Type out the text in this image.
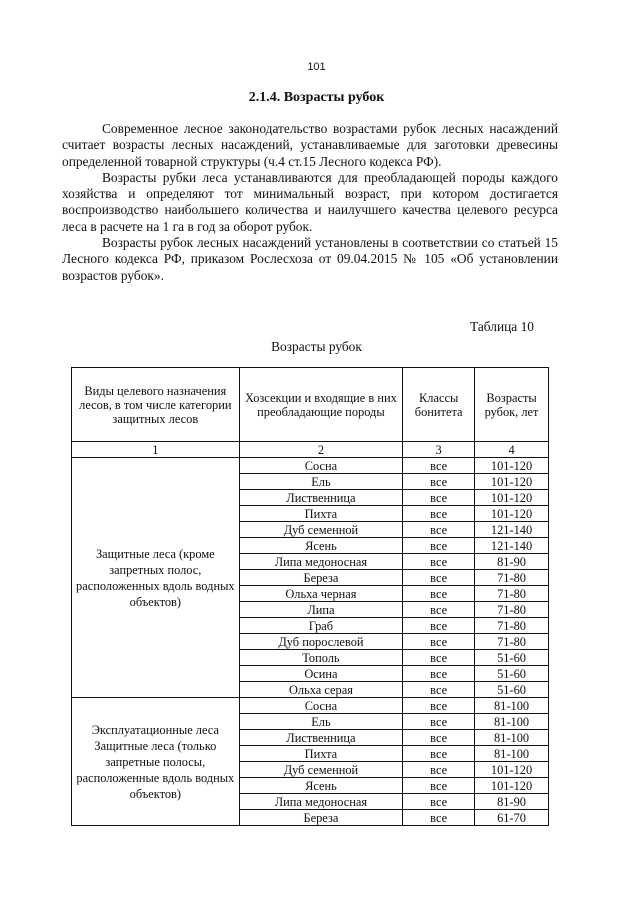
101
2.1.4. Возрасты рубок

Современное лесное законодательство возрастами рубок лесных насаждений считает возрасты лесных насаждений, устанавливаемые для заготовки древесины определенной товарной структуры (ч.4 ст.15 Лесного кодекса РФ).

Возрасты рубки леса устанавливаются для преобладающей породы каждого хозяйства и определяют тот минимальный возраст, при котором достигается воспроизводство наибольшего количества и наилучшего качества целевого ресурса леса в расчете на 1 га в год за оборот рубок.

Возрасты рубок лесных насаждений установлены в соответствии со статьей 15 Лесного кодекса РФ, приказом Рослесхоза от 09.04.2015 № 105 «Об установлении возрастов рубок».

Таблица 10
Возрасты рубок
Виды целевого назначения лесов, в том числе категории защитных лесов	Хозсекции и входящие в них преобладающие породы	Классы бонитета	Возрасты рубок, лет
1	2	3	4
Защитные леса (кроме запретных полос, расположенных вдоль водных объектов)	Сосна	все	101-120
	Ель	все	101-120
	Лиственница	все	101-120
	Пихта	все	101-120
	Дуб семенной	все	121-140
	Ясень	все	121-140
	Липа медоносная	все	81-90
	Береза	все	71-80
	Ольха черная	все	71-80
	Липа	все	71-80
	Граб	все	71-80
	Дуб порослевой	все	71-80
	Тополь	все	51-60
	Осина	все	51-60
	Ольха серая	все	51-60
Эксплуатационные леса Защитные леса (только запретные полосы, расположенные вдоль водных объектов)	Сосна	все	81-100
	Ель	все	81-100
	Лиственница	все	81-100
	Пихта	все	81-100
	Дуб семенной	все	101-120
	Ясень	все	101-120
	Липа медоносная	все	81-90
	Береза	все	61-70
